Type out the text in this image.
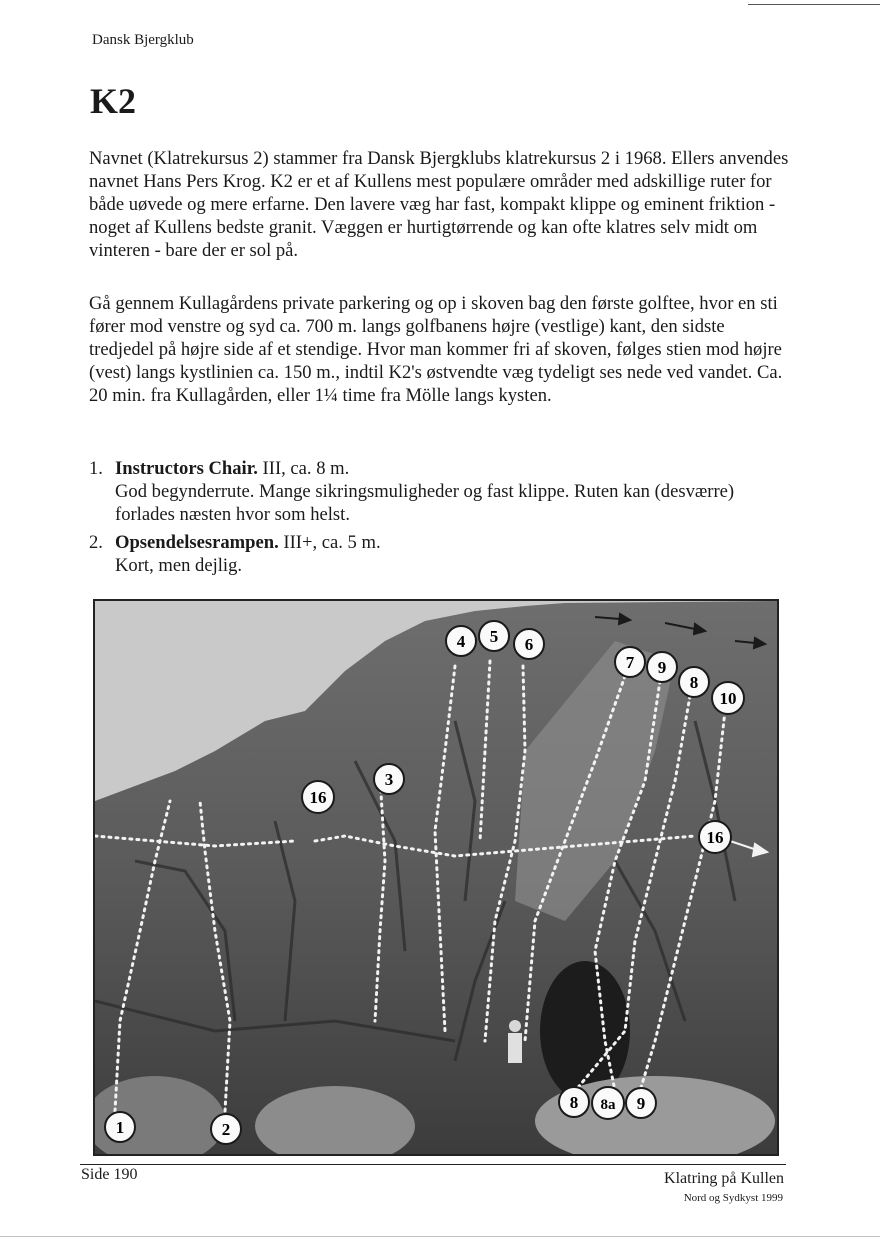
Dansk Bjergklub
K2

Navnet (Klatrekursus 2) stammer fra Dansk Bjergklubs klatrekursus 2 i 1968. Ellers anvendes navnet Hans Pers Krog. K2 er et af Kullens mest populære områder med adskillige ruter for både uøvede og mere erfarne. Den lavere væg har fast, kompakt klippe og eminent friktion - noget af Kullens bedste granit. Væggen er hurtigtørrende og kan ofte klatres selv midt om vinteren - bare der er sol på.

Gå gennem Kullagårdens private parkering og op i skoven bag den første golftee, hvor en sti fører mod venstre og syd ca. 700 m. langs golfbanens højre (vestlige) kant, den sidste tredjedel på højre side af et stendige. Hvor man kommer fri af skoven, følges stien mod højre (vest) langs kystlinien ca. 150 m., indtil K2's østvendte væg tydeligt ses nede ved vandet. Ca. 20 min. fra Kullagården, eller 1¼ time fra Mölle langs kysten.

1. Instructors Chair. III, ca. 8 m.
God begynderrute. Mange sikringsmuligheder og fast klippe. Ruten kan (desværre) forlades næsten hvor som helst.
2. Opsendelsesrampen. III+, ca. 5 m.
Kort, men dejlig.
4 5 6
7 9
8
10
3
16
16
1	2
8 8a 9
Side 190	Klatring på Kullen
Nord og Sydkyst 1999
